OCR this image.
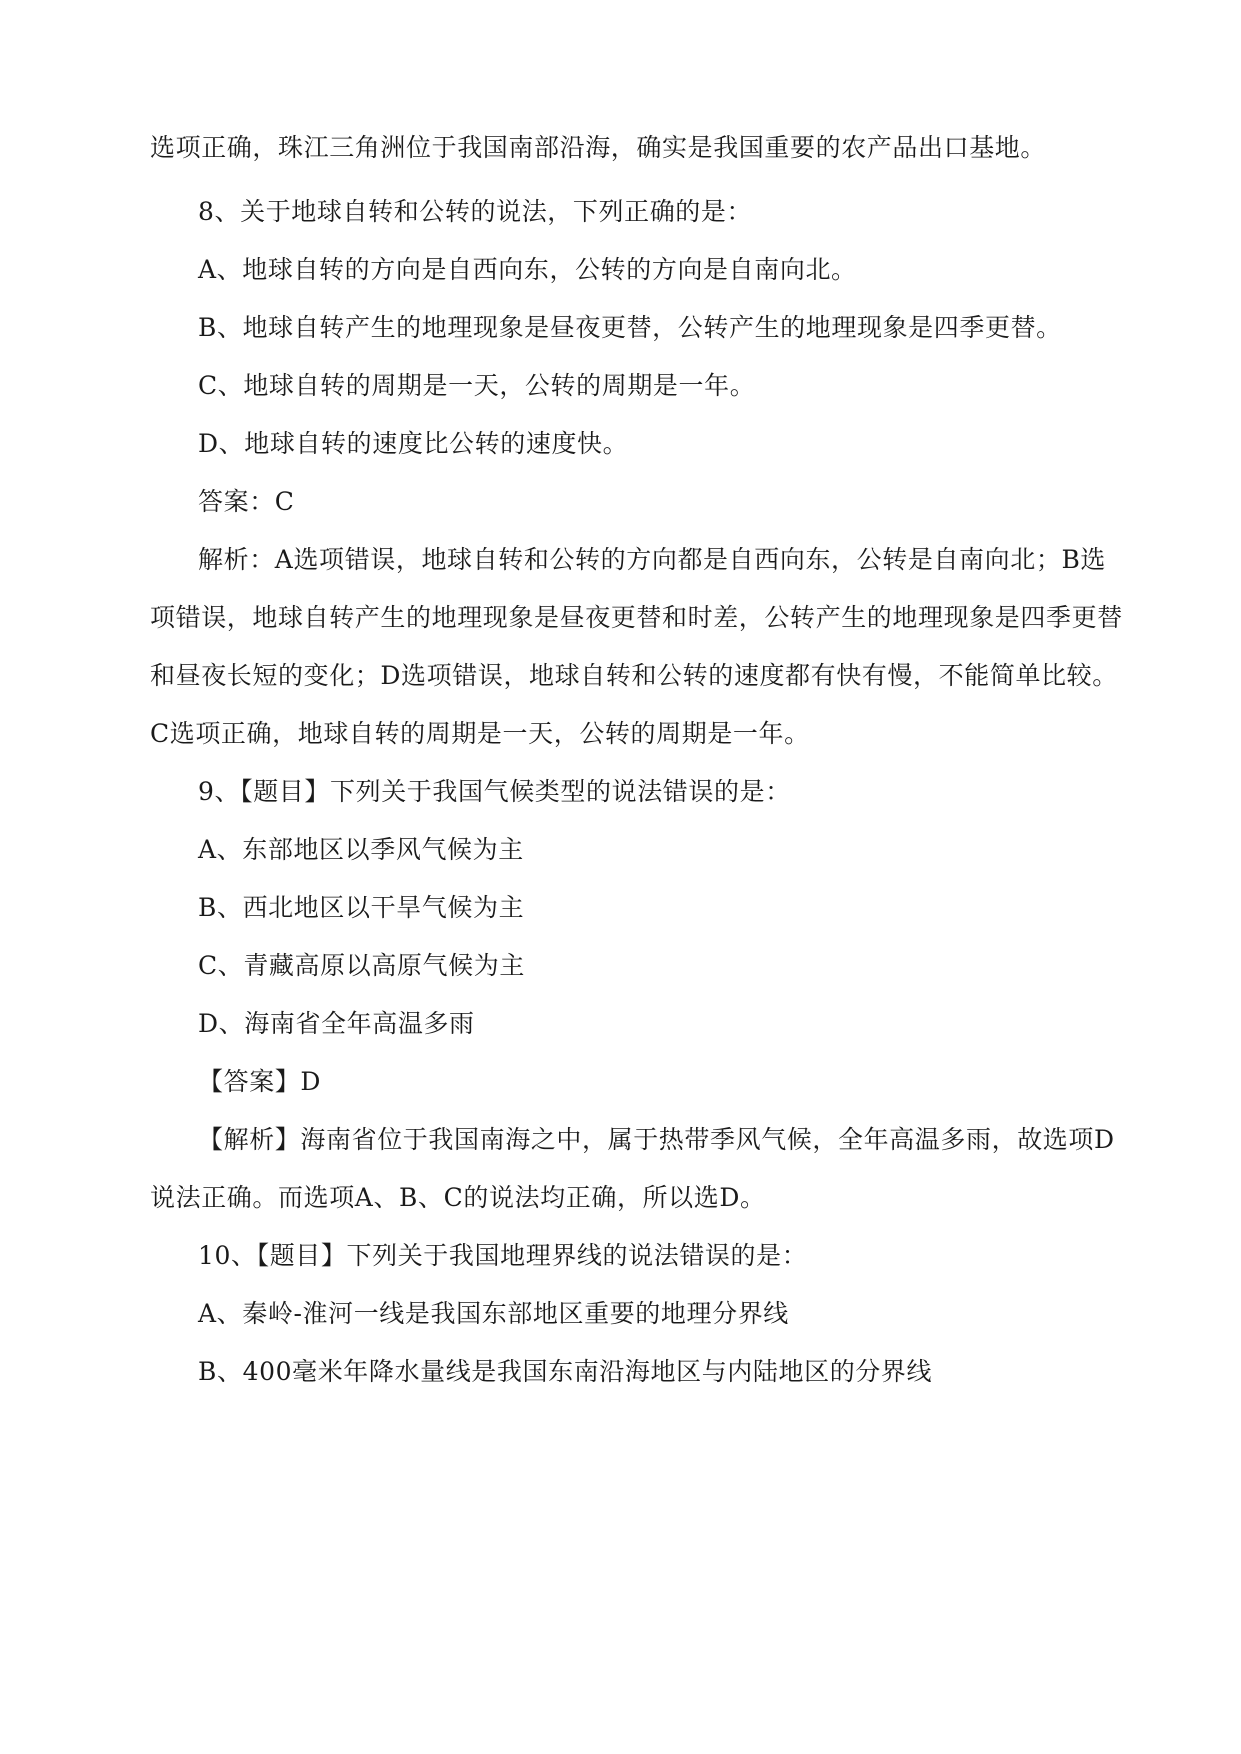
选项正确，珠江三角洲位于我国南部沿海，确实是我国重要的农产品出口基地。
8、关于地球自转和公转的说法，下列正确的是：
A、地球自转的方向是自西向东，公转的方向是自南向北。
B、地球自转产生的地理现象是昼夜更替，公转产生的地理现象是四季更替。
C、地球自转的周期是一天，公转的周期是一年。
D、地球自转的速度比公转的速度快。
答案：C
解析：A选项错误，地球自转和公转的方向都是自西向东，公转是自南向北；B选
项错误，地球自转产生的地理现象是昼夜更替和时差，公转产生的地理现象是四季更替
和昼夜长短的变化；D选项错误，地球自转和公转的速度都有快有慢，不能简单比较。
C选项正确，地球自转的周期是一天，公转的周期是一年。
9、【题目】下列关于我国气候类型的说法错误的是：
A、东部地区以季风气候为主
B、西北地区以干旱气候为主
C、青藏高原以高原气候为主
D、海南省全年高温多雨
【答案】D
【解析】海南省位于我国南海之中，属于热带季风气候，全年高温多雨，故选项D
说法正确。而选项A、B、C的说法均正确，所以选D。
10、【题目】下列关于我国地理界线的说法错误的是：
A、秦岭-淮河一线是我国东部地区重要的地理分界线
B、400毫米年降水量线是我国东南沿海地区与内陆地区的分界线
